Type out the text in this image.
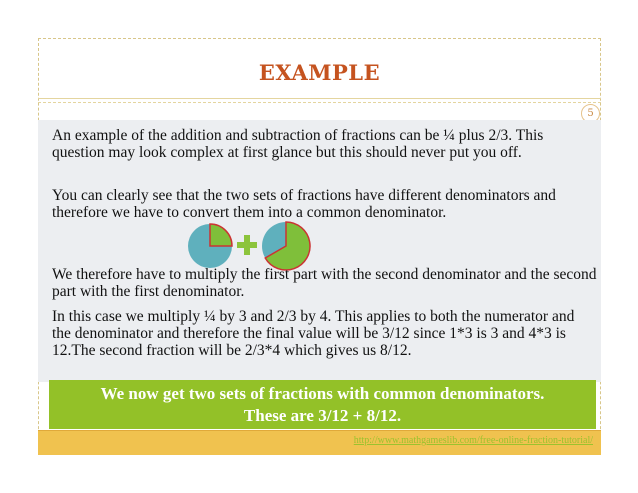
EXAMPLE
5
An example of the addition and subtraction of fractions can be ¼ plus 2/3. This question may look complex at first glance but this should never put you off.
You can clearly see that the two sets of fractions have different denominators and therefore we have to convert them into a common denominator.
We therefore have to multiply the first part with the second denominator and the second part with the first denominator.
In this case we multiply ¼ by 3 and 2/3 by 4. This applies to both the numerator and the denominator and therefore the final value will be 3/12 since 1*3 is 3 and 4*3 is 12.The second fraction will be 2/3*4 which gives us 8/12.
We now get two sets of fractions with common denominators.
These are 3/12 + 8/12.
http://www.mathgameslib.com/free-online-fraction-tutorial/
